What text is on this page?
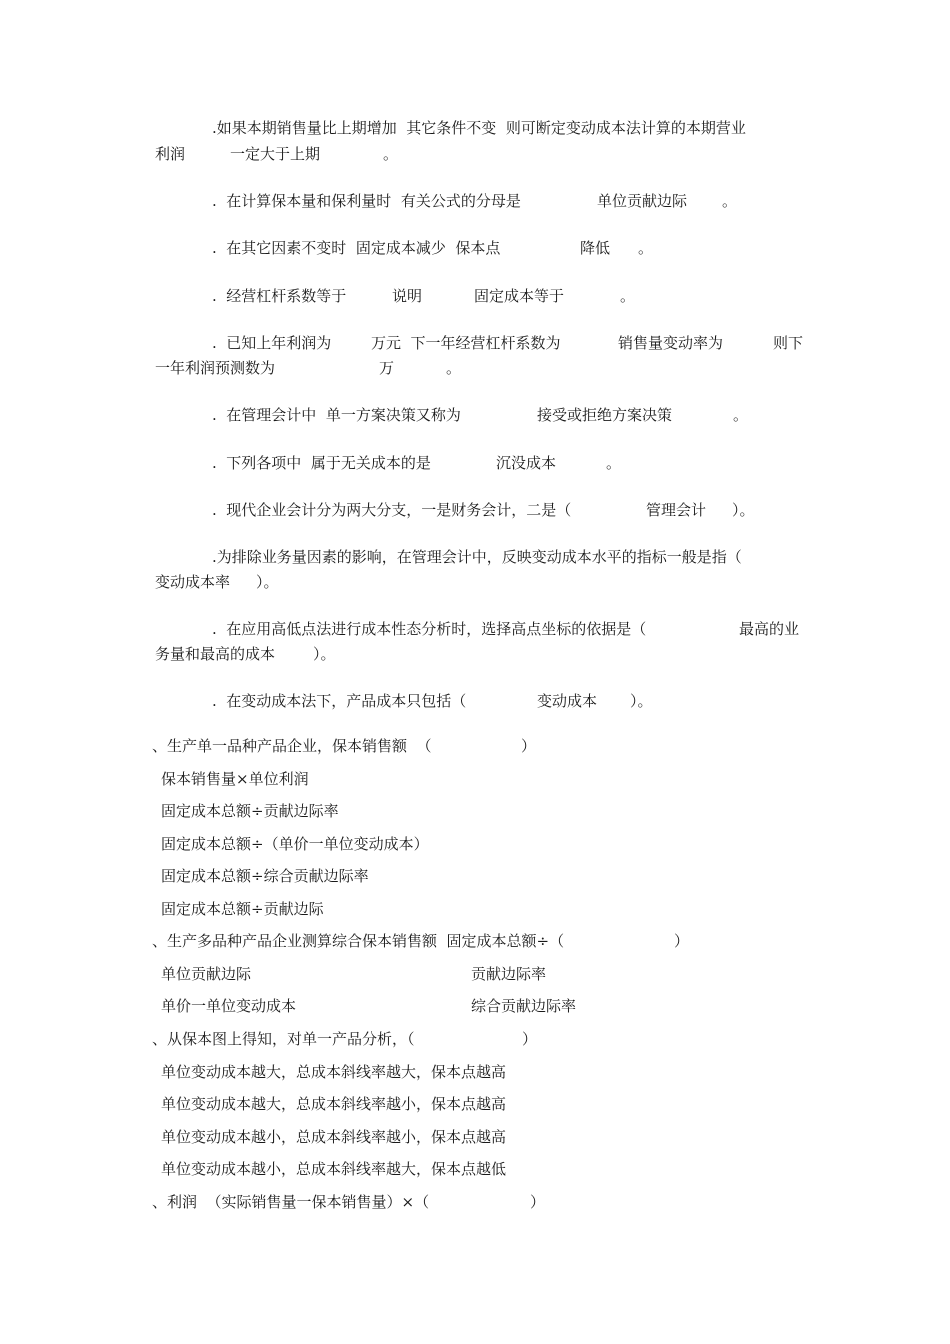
.如果本期销售量比上期增加  其它条件不变  则可断定变动成本法计算的本期营业
利润	一定大于上期	。
.  在计算保本量和保利量时  有关公式的分母是	单位贡献边际 。
.  在其它因素不变时  固定成本减少  保本点	降低 。
.  经营杠杆系数等于	说明	固定成本等于	。
.  已知上年利润为	万元  下一年经营杠杆系数为	销售量变动率为	则下
一年利润预测数为	万	。
.  在管理会计中  单一方案决策又称为	接受或拒绝方案决策	。
.  下列各项中  属于无关成本的是	沉没成本	。
.  现代企业会计分为两大分支，一是财务会计，二是（	管理会计 ）。
.为排除业务量因素的影响，在管理会计中，反映变动成本水平的指标一般是指（
变动成本率 ）。
.  在应用高低点法进行成本性态分析时，选择高点坐标的依据是（	最高的业
务量和最高的成本	）。
.  在变动成本法下，产品成本只包括（	变动成本 ）。
、生产单一品种产品企业，保本销售额  （	）
保本销售量×单位利润
固定成本总额÷贡献边际率
固定成本总额÷（单价一单位变动成本）
固定成本总额÷综合贡献边际率
固定成本总额÷贡献边际
、生产多品种产品企业测算综合保本销售额  固定成本总额÷（	）
单位贡献边际	贡献边际率
单价一单位变动成本	综合贡献边际率
、从保本图上得知，对单一产品分析，（	）
单位变动成本越大，总成本斜线率越大，保本点越高
单位变动成本越大，总成本斜线率越小，保本点越高
单位变动成本越小，总成本斜线率越小，保本点越高
单位变动成本越小，总成本斜线率越大，保本点越低
、利润  （实际销售量一保本销售量）×（	）
